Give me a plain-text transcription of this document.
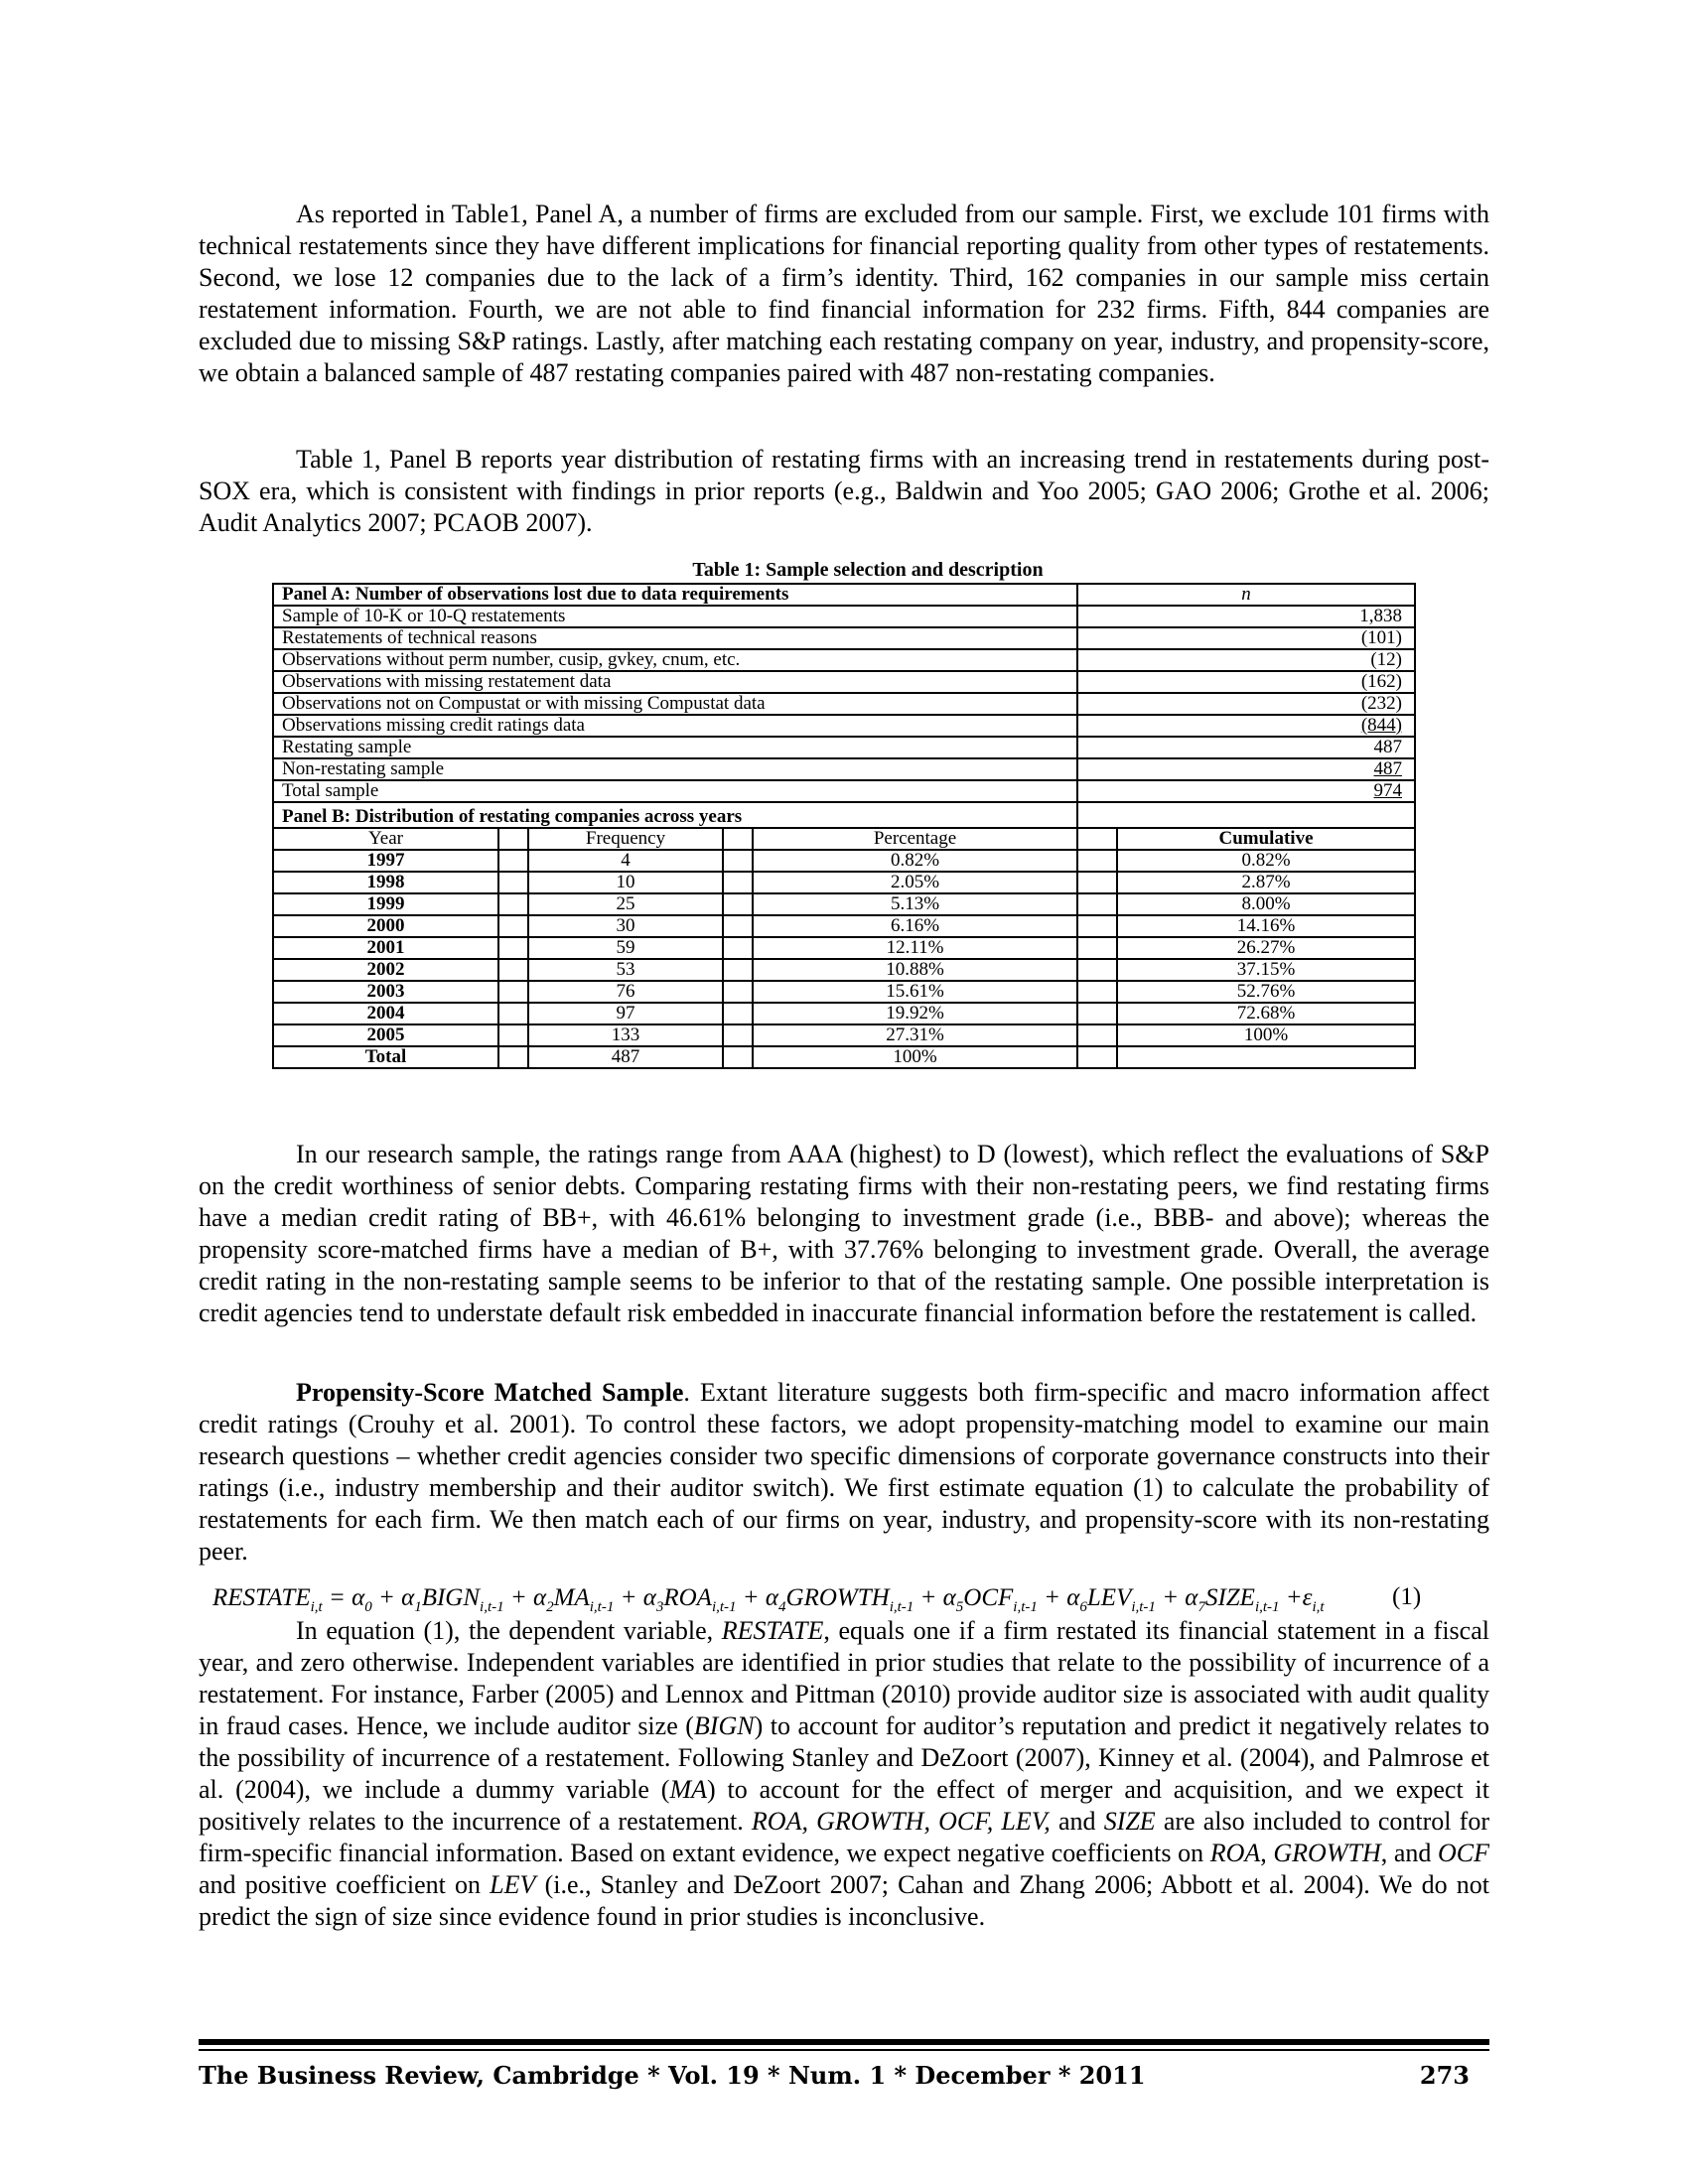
As reported in Table1, Panel A, a number of firms are excluded from our sample. First, we exclude 101 firms with technical restatements since they have different implications for financial reporting quality from other types of restatements. Second, we lose 12 companies due to the lack of a firm’s identity. Third, 162 companies in our sample miss certain restatement information. Fourth, we are not able to find financial information for 232 firms. Fifth, 844 companies are excluded due to missing S&P ratings. Lastly, after matching each restating company on year, industry, and propensity-score, we obtain a balanced sample of 487 restating companies paired with 487 non-restating companies.

Table 1, Panel B reports year distribution of restating firms with an increasing trend in restatements during post-SOX era, which is consistent with findings in prior reports (e.g., Baldwin and Yoo 2005; GAO 2006; Grothe et al. 2006; Audit Analytics 2007; PCAOB 2007).

Table 1: Sample selection and description
Panel A: Number of observations lost due to data requirements					n	
Sample of 10-K or 10-Q restatements					1,838	
Restatements of technical reasons					(101)	
Observations without perm number, cusip, gvkey, cnum, etc.					(12)	
Observations with missing restatement data					(162)	
Observations not on Compustat or with missing Compustat data					(232)	
Observations missing credit ratings data					(844)	
Restating sample					487	
Non-restating sample					487	
Total sample					974	
Panel B: Distribution of restating companies across years						
Year		Frequency		Percentage		Cumulative
1997		4		0.82%		0.82%
1998		10		2.05%		2.87%
1999		25		5.13%		8.00%
2000		30		6.16%		14.16%
2001		59		12.11%		26.27%
2002		53		10.88%		37.15%
2003		76		15.61%		52.76%
2004		97		19.92%		72.68%
2005		133		27.31%		100%
Total		487		100%		

In our research sample, the ratings range from AAA (highest) to D (lowest), which reflect the evaluations of S&P on the credit worthiness of senior debts. Comparing restating firms with their non-restating peers, we find restating firms have a median credit rating of BB+, with 46.61% belonging to investment grade (i.e., BBB- and above); whereas the propensity score-matched firms have a median of B+, with 37.76% belonging to investment grade. Overall, the average credit rating in the non-restating sample seems to be inferior to that of the restating sample. One possible interpretation is credit agencies tend to understate default risk embedded in inaccurate financial information before the restatement is called.

Propensity-Score Matched Sample. Extant literature suggests both firm-specific and macro information affect credit ratings (Crouhy et al. 2001). To control these factors, we adopt propensity-matching model to examine our main research questions – whether credit agencies consider two specific dimensions of corporate governance constructs into their ratings (i.e., industry membership and their auditor switch). We first estimate equation (1) to calculate the probability of restatements for each firm. We then match each of our firms on year, industry, and propensity-score with its non-restating peer.

$RESTATE_{i,t} = \alpha_0$ + $\alpha_1BIGN_{i,t-1} + \alpha_2MA_{i,t-1} + \alpha_3ROA_{i,t-1}$ + $\alpha_4GROWTH_{i,t-1} + \alpha_5OCF_{i,t-1} + \alpha_6LEV_{i,t-1}$ + $\alpha_7SIZE_{i,t-1} +\varepsilon_{i,t}$	(1)

In equation (1), the dependent variable, RESTATE, equals one if a firm restated its financial statement in a fiscal year, and zero otherwise. Independent variables are identified in prior studies that relate to the possibility of incurrence of a restatement. For instance, Farber (2005) and Lennox and Pittman (2010) provide auditor size is associated with audit quality in fraud cases. Hence, we include auditor size (BIGN) to account for auditor’s reputation and predict it negatively relates to the possibility of incurrence of a restatement. Following Stanley and DeZoort (2007), Kinney et al. (2004), and Palmrose et al. (2004), we include a dummy variable (MA) to account for the effect of merger and acquisition, and we expect it positively relates to the incurrence of a restatement. ROA, GROWTH, OCF, LEV, and SIZE are also included to control for firm-specific financial information. Based on extant evidence, we expect negative coefficients on ROA, GROWTH, and OCF and positive coefficient on LEV (i.e., Stanley and DeZoort 2007; Cahan and Zhang 2006; Abbott et al. 2004). We do not predict the sign of size since evidence found in prior studies is inconclusive.

The Business Review, Cambridge * Vol. 19 * Num. 1 * December * 2011	273
